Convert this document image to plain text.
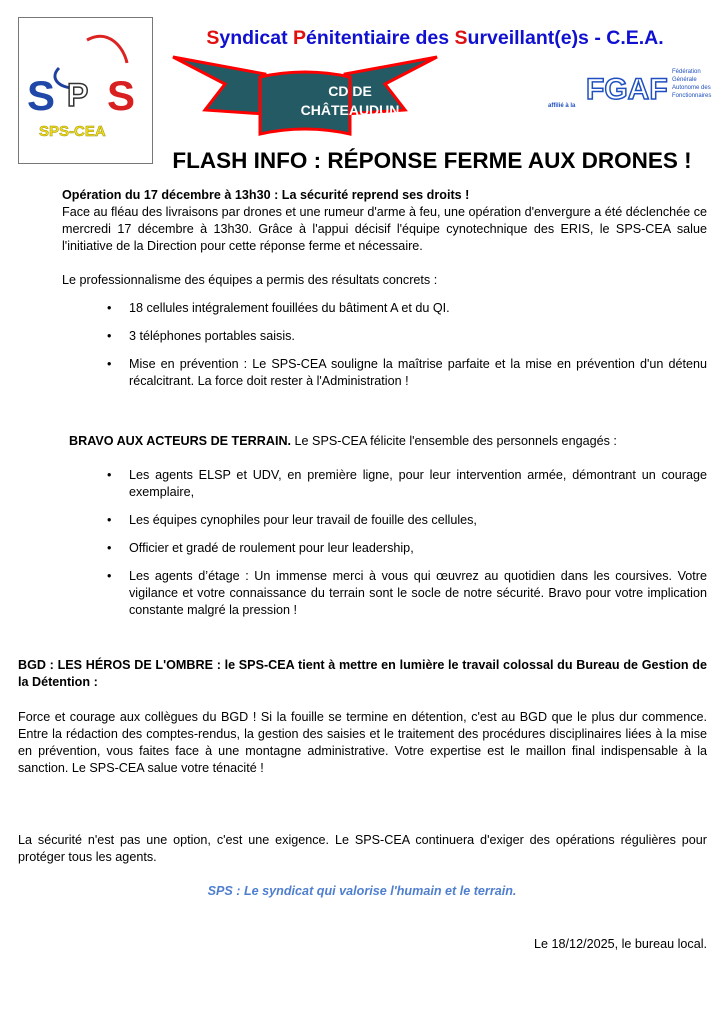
S P S
SPS-CEA
Syndicat Pénitentiaire des Surveillant(e)s - C.E.A.
CD DE
CHÂTEAUDUN	affilié à la FGAF
Fédération
Générale
Autonome des
Fonctionnaires
FLASH INFO : RÉPONSE FERME AUX DRONES !
Opération du 17 décembre à 13h30 : La sécurité reprend ses droits !
Face au fléau des livraisons par drones et une rumeur d'arme à feu, une opération d'envergure a été déclenchée ce mercredi 17 décembre à 13h30. Grâce à l'appui décisif l'équipe cynotechnique des ERIS, le SPS-CEA salue l'initiative de la Direction pour cette réponse ferme et nécessaire.
Le professionnalisme des équipes a permis des résultats concrets :
• 18 cellules intégralement fouillées du bâtiment A et du QI.
• 3 téléphones portables saisis.
• Mise en prévention : Le SPS-CEA souligne la maîtrise parfaite et la mise en prévention d'un détenu récalcitrant. La force doit rester à l'Administration !
BRAVO AUX ACTEURS DE TERRAIN. Le SPS-CEA félicite l'ensemble des personnels engagés :
• Les agents ELSP et UDV, en première ligne, pour leur intervention armée, démontrant un courage exemplaire,
• Les équipes cynophiles pour leur travail de fouille des cellules,
• Officier et gradé de roulement pour leur leadership,
• Les agents d’étage : Un immense merci à vous qui œuvrez au quotidien dans les coursives. Votre vigilance et votre connaissance du terrain sont le socle de notre sécurité. Bravo pour votre implication constante malgré la pression !
BGD : LES HÉROS DE L'OMBRE : le SPS-CEA tient à mettre en lumière le travail colossal du Bureau de Gestion de la Détention :
Force et courage aux collègues du BGD ! Si la fouille se termine en détention, c'est au BGD que le plus dur commence. Entre la rédaction des comptes-rendus, la gestion des saisies et le traitement des procédures disciplinaires liées à la mise en prévention, vous faites face à une montagne administrative. Votre expertise est le maillon final indispensable à la sanction. Le SPS-CEA salue votre ténacité !
La sécurité n'est pas une option, c'est une exigence. Le SPS-CEA continuera d'exiger des opérations régulières pour protéger tous les agents.
SPS : Le syndicat qui valorise l'humain et le terrain.
Le 18/12/2025, le bureau local.
